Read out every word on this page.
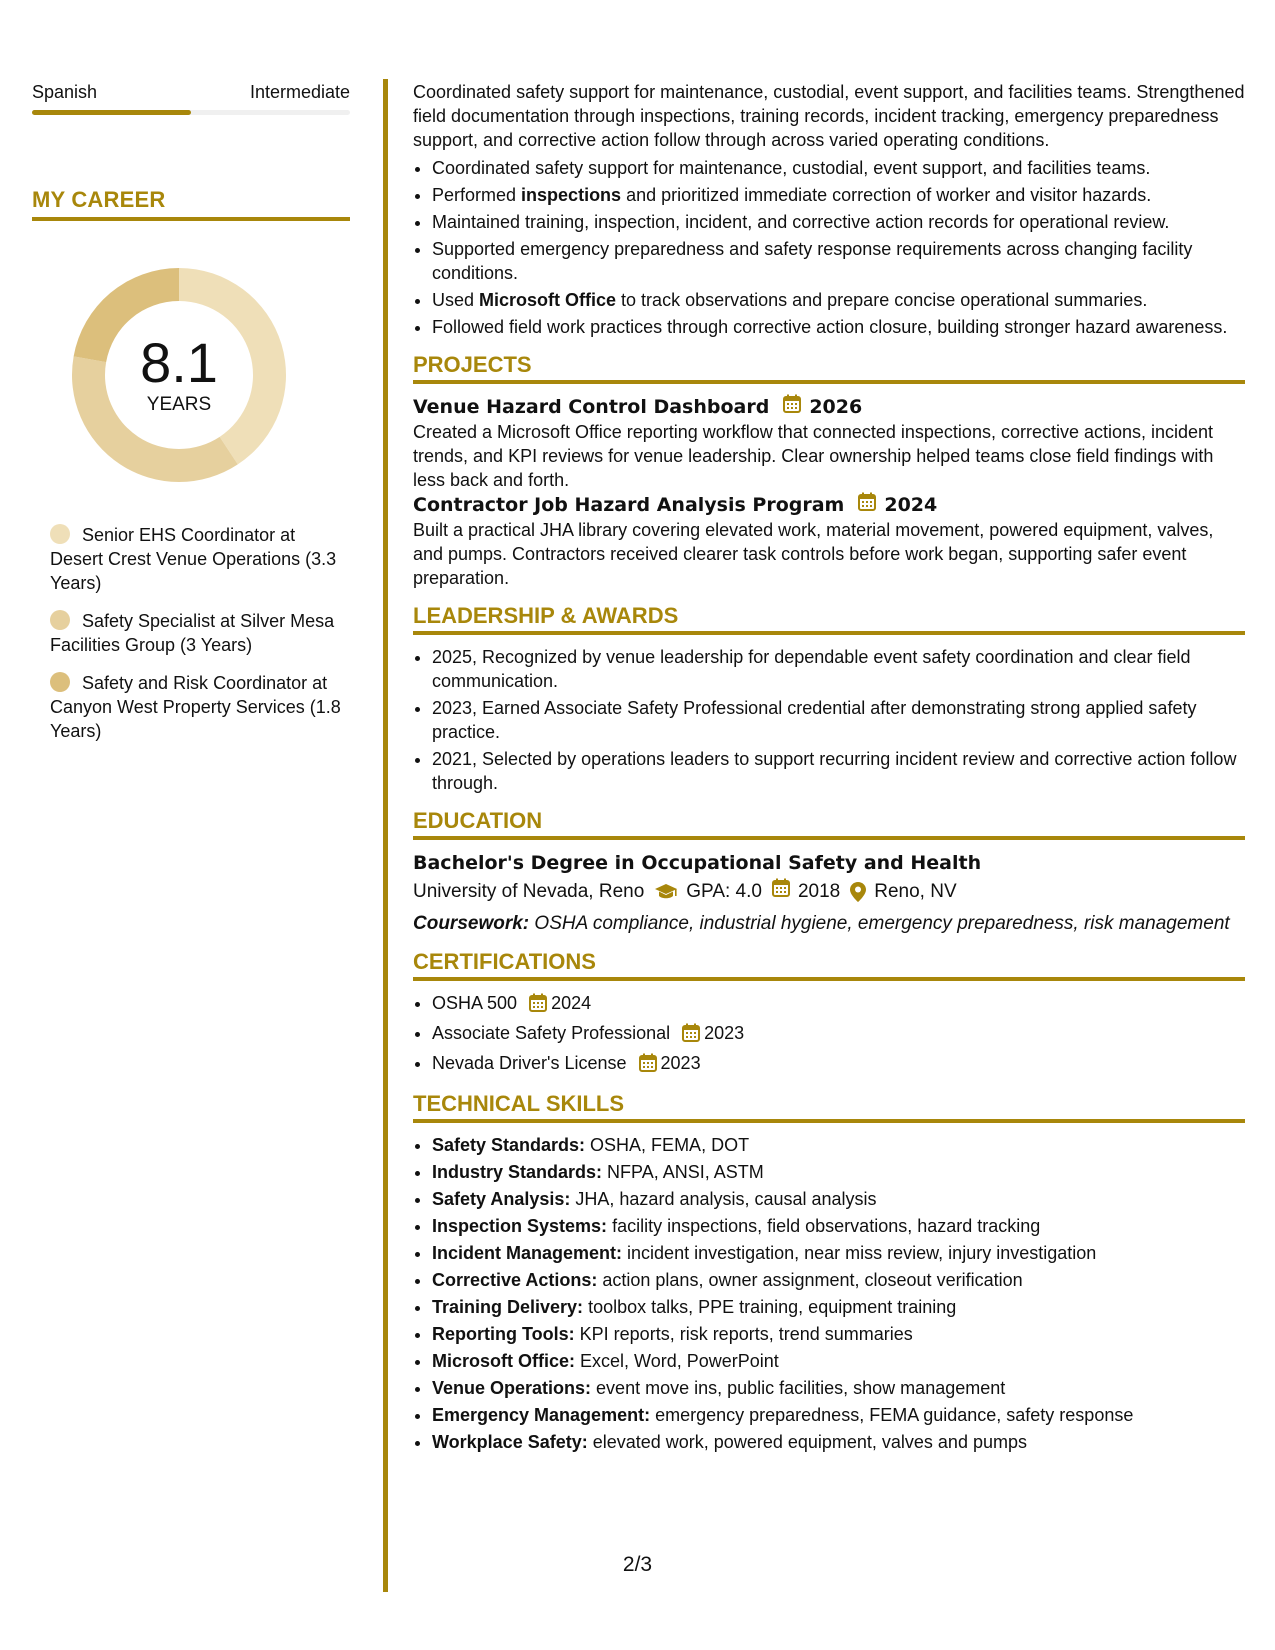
Spanish	Intermediate
MY CAREER
8.1
YEARS
Senior EHS Coordinator at Desert Crest Venue Operations (3.3 Years)
Safety Specialist at Silver Mesa Facilities Group (3 Years)
Safety and Risk Coordinator at Canyon West Property Services (1.8 Years)

Coordinated safety support for maintenance, custodial, event support, and facilities teams. Strengthened field documentation through inspections, training records, incident tracking, emergency preparedness support, and corrective action follow through across varied operating conditions.

• Coordinated safety support for maintenance, custodial, event support, and facilities teams.
• Performed inspections and prioritized immediate correction of worker and visitor hazards.
• Maintained training, inspection, incident, and corrective action records for operational review.
• Supported emergency preparedness and safety response requirements across changing facility conditions.
• Used Microsoft Office to track observations and prepare concise operational summaries.
• Followed field work practices through corrective action closure, building stronger hazard awareness.
PROJECTS
Venue Hazard Control Dashboard 2026

Created a Microsoft Office reporting workflow that connected inspections, corrective actions, incident trends, and KPI reviews for venue leadership. Clear ownership helped teams close field findings with less back and forth.

Contractor Job Hazard Analysis Program 2024

Built a practical JHA library covering elevated work, material movement, powered equipment, valves, and pumps. Contractors received clearer task controls before work began, supporting safer event preparation.

LEADERSHIP & AWARDS
• 2025, Recognized by venue leadership for dependable event safety coordination and clear field communication.
• 2023, Earned Associate Safety Professional credential after demonstrating strong applied safety practice.
• 2021, Selected by operations leaders to support recurring incident review and corrective action follow through.
EDUCATION
Bachelor's Degree in Occupational Safety and Health
University of Nevada, Reno GPA: 4.0 2018 Reno, NV
Coursework: OSHA compliance, industrial hygiene, emergency preparedness, risk management
CERTIFICATIONS
• OSHA 500 2024
• Associate Safety Professional 2023
• Nevada Driver's License 2023
TECHNICAL SKILLS
• Safety Standards: OSHA, FEMA, DOT
• Industry Standards: NFPA, ANSI, ASTM
• Safety Analysis: JHA, hazard analysis, causal analysis
• Inspection Systems: facility inspections, field observations, hazard tracking
• Incident Management: incident investigation, near miss review, injury investigation
• Corrective Actions: action plans, owner assignment, closeout verification
• Training Delivery: toolbox talks, PPE training, equipment training
• Reporting Tools: KPI reports, risk reports, trend summaries
• Microsoft Office: Excel, Word, PowerPoint
• Venue Operations: event move ins, public facilities, show management
• Emergency Management: emergency preparedness, FEMA guidance, safety response
• Workplace Safety: elevated work, powered equipment, valves and pumps
2/3
